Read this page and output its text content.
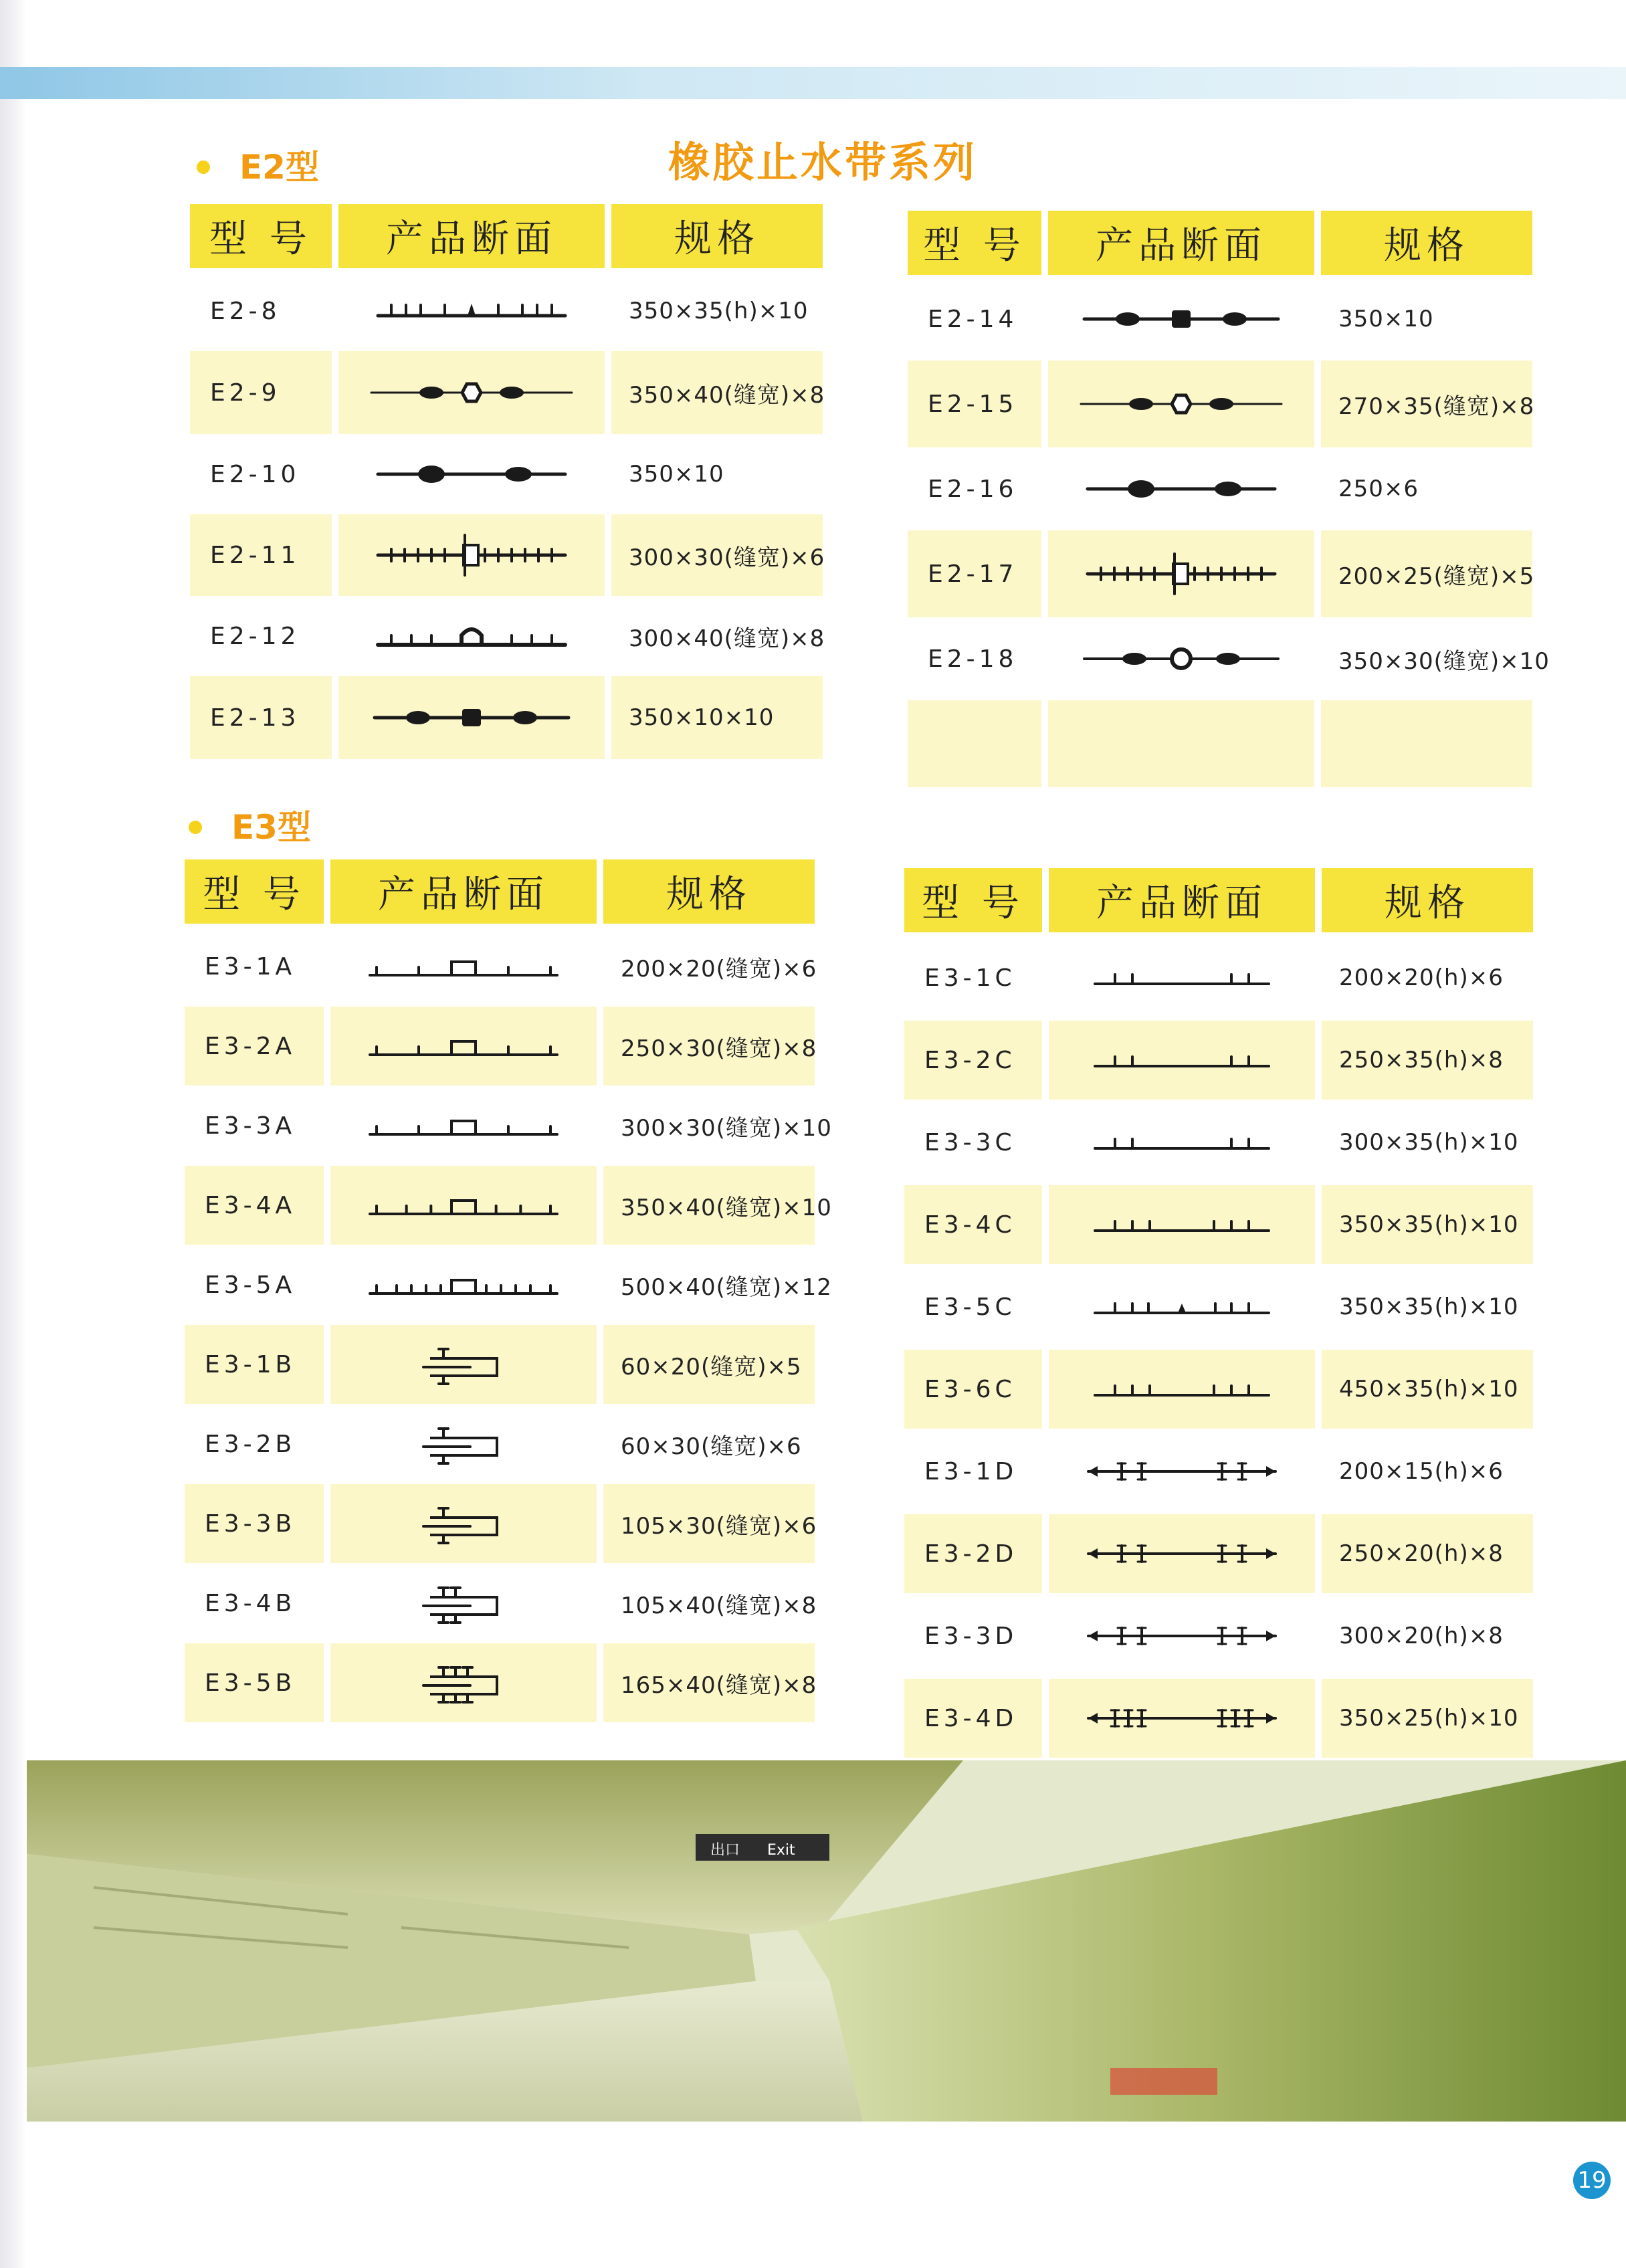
橡胶止水带系列
E2型
E3型
型 号	产品断面	规格
E2-8	350×35(h)×10
E2-9	350×40(缝宽)×8
E2-10	350×10
E2-11	300×30(缝宽)×6
E2-12	300×40(缝宽)×8
E2-13	350×10×10
型 号	产品断面	规格
E2-14	350×10
E2-15	270×35(缝宽)×8
E2-16	250×6
E2-17	200×25(缝宽)×5
E2-18	350×30(缝宽)×10
型 号	产品断面	规格
E3-1A	200×20(缝宽)×6
E3-2A	250×30(缝宽)×8
E3-3A	300×30(缝宽)×10
E3-4A	350×40(缝宽)×10
E3-5A	500×40(缝宽)×12
E3-1B	60×20(缝宽)×5
E3-2B	60×30(缝宽)×6
E3-3B	105×30(缝宽)×6
E3-4B	105×40(缝宽)×8
E3-5B	165×40(缝宽)×8
型 号	产品断面	规格
E3-1C	200×20(h)×6
E3-2C	250×35(h)×8
E3-3C	300×35(h)×10
E3-4C	350×35(h)×10
E3-5C	350×35(h)×10
E3-6C	450×35(h)×10
E3-1D	200×15(h)×6
E3-2D	250×20(h)×8
E3-3D	300×20(h)×8
E3-4D	350×25(h)×10
出口 Exit
19
